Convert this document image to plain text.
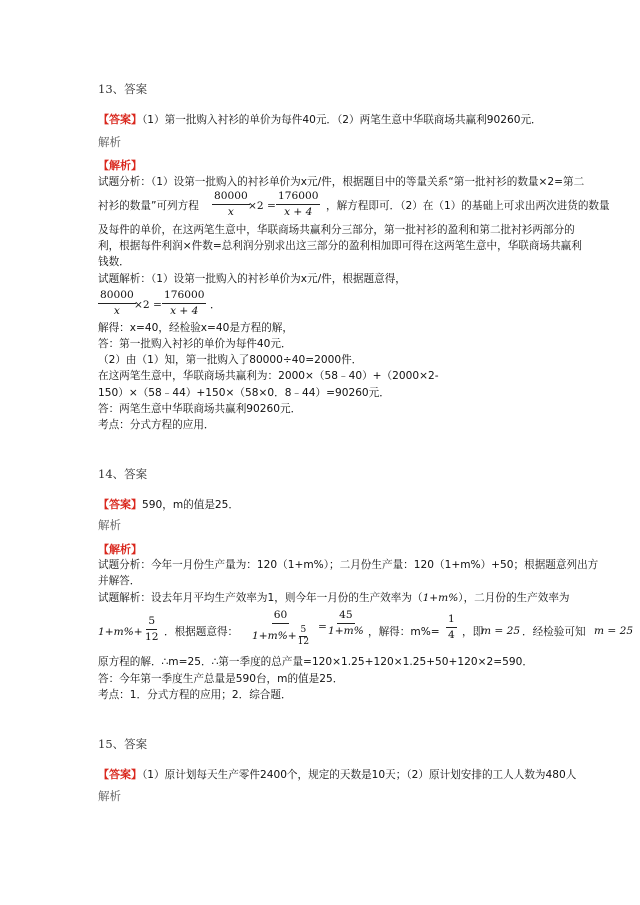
13、答案
【答案】（1）第一批购入衬衫的单价为每件40元．（2）两笔生意中华联商场共赢利90260元．
解析
【解析】
试题分析：（1）设第一批购入的衬衫单价为x元/件，根据题目中的等量关系“第一批衬衫的数量×2=第二
衬衫的数量”可列方程 $\frac{80000}{x}$
$\times 2 = \frac{176000}{x + 4}$ ，解方程即可．（2）在（1）的基础上可求出两次进货的数量
及每件的单价，在这两笔生意中，华联商场共赢利分三部分，第一批衬衫的盈利和第二批衬衫两部分的
利，根据每件利润×件数=总利润分别求出这三部分的盈利相加即可得在这两笔生意中，华联商场共赢利
钱数．
试题解析：（1）设第一批购入的衬衫单价为x元/件，根据题意得，
$\frac{80000}{x}$
$\times 2 = \frac{176000}{x + 4}$ ．
解得：x=40，经检验x=40是方程的解，
答：第一批购入衬衫的单价为每件40元．
（2）由（1）知，第一批购入了80000÷40=2000件．
在这两笔生意中，华联商场共赢利为：2000×（58﹣40）+（2000×2-
150）×（58﹣44）+150×（58×0．8﹣44）=90260元．
答：两笔生意中华联商场共赢利90260元．
考点：分式方程的应用．
14、答案
【答案】590，m的值是25．
解析
【解析】
试题分析：今年一月份生产量为：120（1+m%）；二月份生产量：120（1+m%）+50；根据题意列出方
并解答．
试题解析：设去年月平均生产效率为1，则今年一月份的生产效率为（1+m%），二月份的生产效率为
$1+m\%+ \frac{5}{12}$ ．根据题意得： $\frac{60}{1+m\%+ \frac{5}{12}} = \frac{45}{1+m\%}$ ，解得：$m\%= \frac{1}{4}$ ，即
m = 25 ．经检验可知 m = 25
原方程的解．∴m=25．∴第一季度的总产量=120×1.25+120×1.25+50+120×2=590．
答：今年第一季度生产总量是590台，m的值是25．
考点：1．分式方程的应用；2．综合题．
15、答案
【答案】（1）原计划每天生产零件2400个，规定的天数是10天；（2）原计划安排的工人人数为480人
解析
